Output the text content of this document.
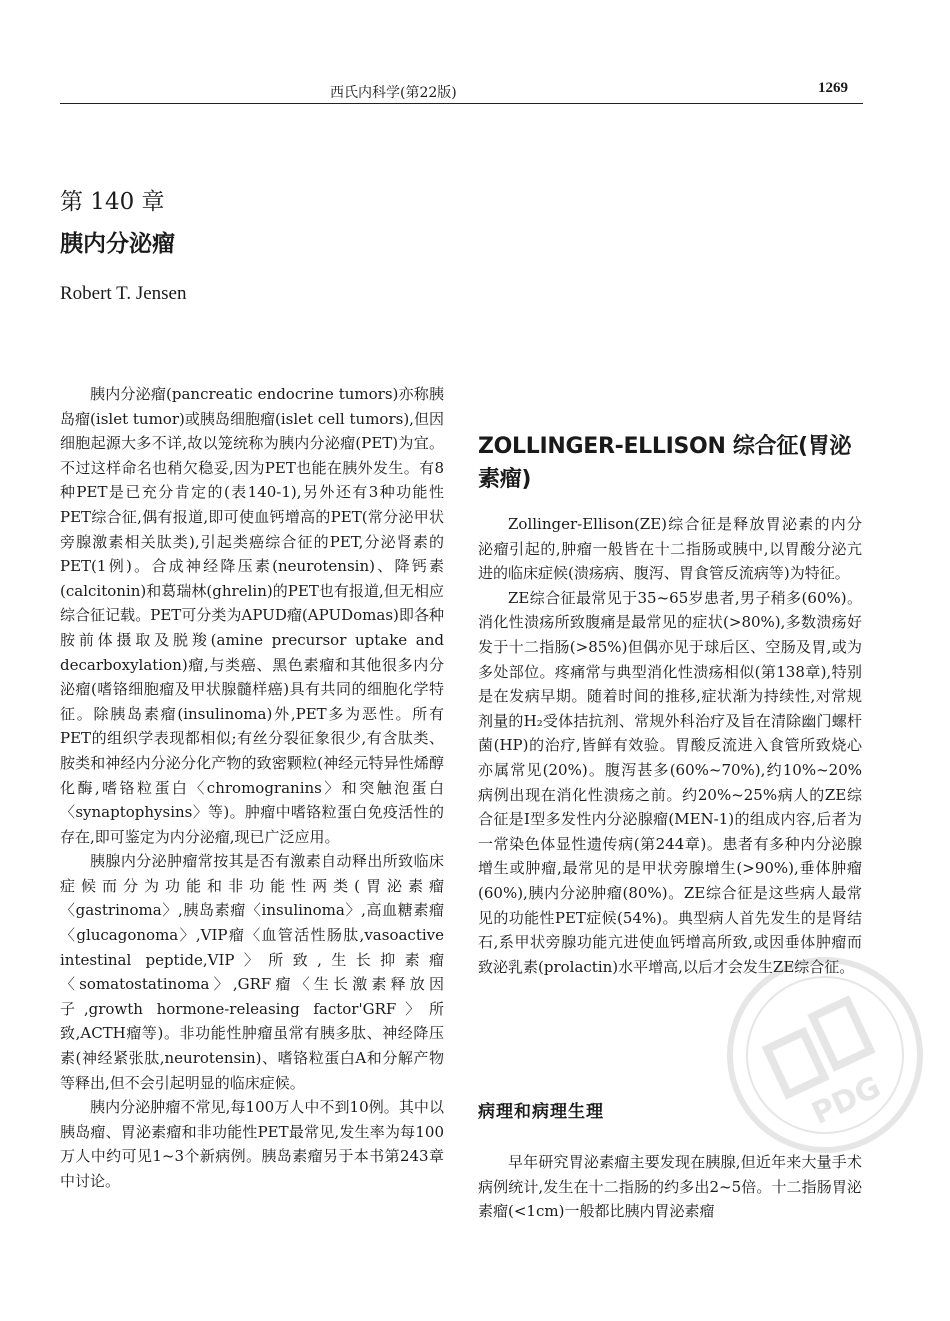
西氏内科学(第22版)	1269
第 140 章
胰内分泌瘤
Robert T. Jensen

胰内分泌瘤(pancreatic endocrine tumors)亦称胰岛瘤(islet tumor)或胰岛细胞瘤(islet cell tumors),但因细胞起源大多不详,故以笼统称为胰内分泌瘤(PET)为宜。不过这样命名也稍欠稳妥,因为PET也能在胰外发生。有8种PET是已充分肯定的(表140-1),另外还有3种功能性PET综合征,偶有报道,即可使血钙增高的PET(常分泌甲状旁腺激素相关肽类),引起类癌综合征的PET,分泌肾素的PET(1例)。合成神经降压素(neurotensin)、降钙素(calcitonin)和葛瑞林(ghrelin)的PET也有报道,但无相应综合征记载。PET可分类为APUD瘤(APUDomas)即各种胺前体摄取及脱羧(amine precursor uptake and decarboxylation)瘤,与类癌、黑色素瘤和其他很多内分泌瘤(嗜铬细胞瘤及甲状腺髓样癌)具有共同的细胞化学特征。除胰岛素瘤(insulinoma)外,PET多为恶性。所有PET的组织学表现都相似;有丝分裂征象很少,有含肽类、胺类和神经内分泌分化产物的致密颗粒(神经元特异性烯醇化酶,嗜铬粒蛋白〈chromogranins〉和突触泡蛋白〈synaptophysins〉等)。肿瘤中嗜铬粒蛋白免疫活性的存在,即可鉴定为内分泌瘤,现已广泛应用。

胰腺内分泌肿瘤常按其是否有激素自动释出所致临床症候而分为功能和非功能性两类(胃泌素瘤〈gastrinoma〉,胰岛素瘤〈insulinoma〉,高血糖素瘤〈glucagonoma〉,VIP瘤〈血管活性肠肽,vasoactive intestinal peptide,VIP〉所致,生长抑素瘤〈somatostatinoma〉,GRF瘤〈生长激素释放因子,growth hormone-releasing factor'GRF〉所致,ACTH瘤等)。非功能性肿瘤虽常有胰多肽、神经降压素(神经紧张肽,neurotensin)、嗜铬粒蛋白A和分解产物等释出,但不会引起明显的临床症候。

胰内分泌肿瘤不常见,每100万人中不到10例。其中以胰岛瘤、胃泌素瘤和非功能性PET最常见,发生率为每100万人中约可见1~3个新病例。胰岛素瘤另于本书第243章中讨论。

ZOLLINGER-ELLISON 综合征(胃泌素瘤)

Zollinger-Ellison(ZE)综合征是释放胃泌素的内分泌瘤引起的,肿瘤一般皆在十二指肠或胰中,以胃酸分泌亢进的临床症候(溃疡病、腹泻、胃食管反流病等)为特征。

ZE综合征最常见于35~65岁患者,男子稍多(60%)。消化性溃疡所致腹痛是最常见的症状(>80%),多数溃疡好发于十二指肠(>85%)但偶亦见于球后区、空肠及胃,或为多处部位。疼痛常与典型消化性溃疡相似(第138章),特别是在发病早期。随着时间的推移,症状渐为持续性,对常规剂量的H₂受体拮抗剂、常规外科治疗及旨在清除幽门螺杆菌(HP)的治疗,皆鲜有效验。胃酸反流进入食管所致烧心亦属常见(20%)。腹泻甚多(60%~70%),约10%~20%病例出现在消化性溃疡之前。约20%~25%病人的ZE综合征是Ⅰ型多发性内分泌腺瘤(MEN-1)的组成内容,后者为一常染色体显性遗传病(第244章)。患者有多种内分泌腺增生或肿瘤,最常见的是甲状旁腺增生(>90%),垂体肿瘤(60%),胰内分泌肿瘤(80%)。ZE综合征是这些病人最常见的功能性PET症候(54%)。典型病人首先发生的是肾结石,系甲状旁腺功能亢进使血钙增高所致,或因垂体肿瘤而致泌乳素(prolactin)水平增高,以后才会发生ZE综合征。

病理和病理生理

早年研究胃泌素瘤主要发现在胰腺,但近年来大量手术病例统计,发生在十二指肠的约多出2~5倍。十二指肠胃泌素瘤(<1cm)一般都比胰内胃泌素瘤

PDG
